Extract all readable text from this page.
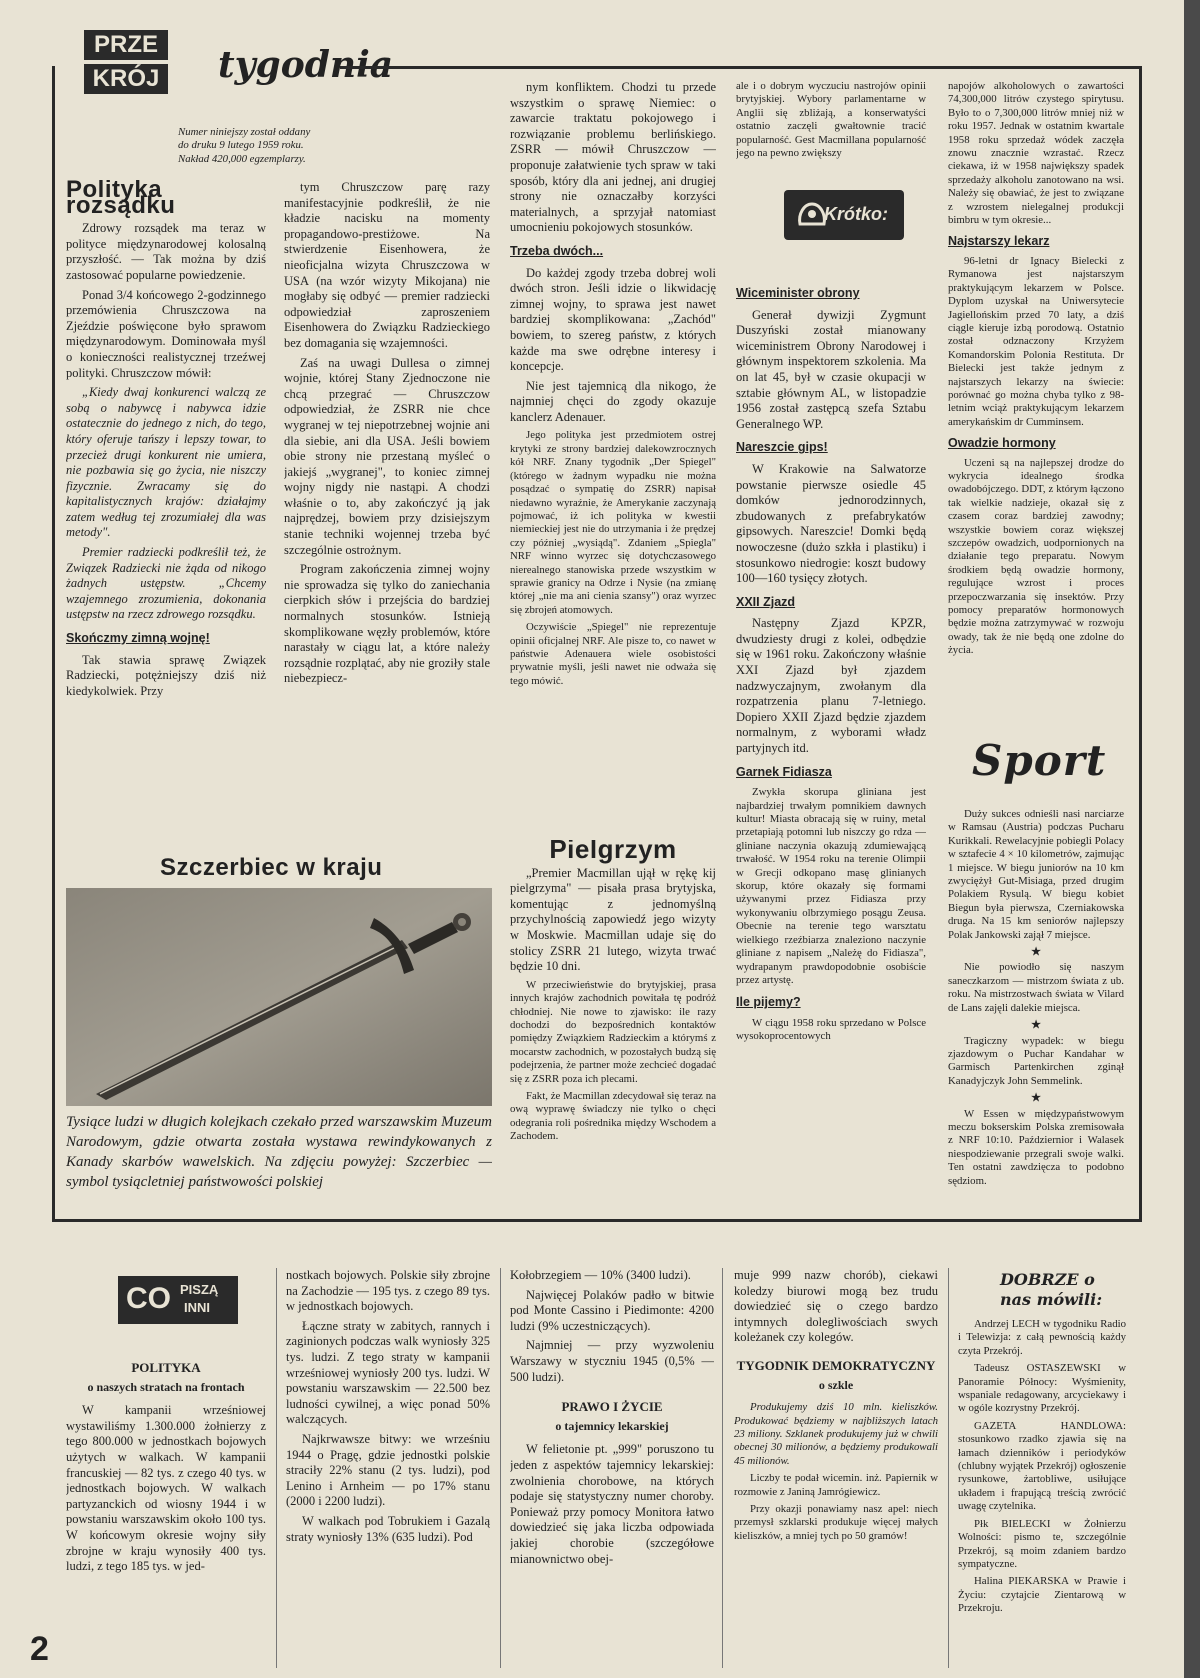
PRZE
KRÓJ tygodnia
Numer niniejszy został oddany
do druku 9 lutego 1959 roku.
Nakład 420,000 egzemplarzy.
Polityka rozsądku

Zdrowy rozsądek ma teraz w polityce międzynarodowej kolosalną przyszłość. — Tak można by dziś zastosować popularne powiedzenie.

Ponad 3/4 końcowego 2-godzinnego przemówienia Chruszczowa na Zjeździe poświęcone było sprawom międzynarodowym. Dominowała myśl o konieczności realistycznej trzeźwej polityki. Chruszczow mówił:

„Kiedy dwaj konkurenci walczą ze sobą o nabywcę i nabywca idzie ostatecznie do jednego z nich, do tego, który oferuje tańszy i lepszy towar, to przecież drugi konkurent nie umiera, nie pozbawia się go życia, nie niszczy fizycznie. Zwracamy się do kapitalistycznych krajów: działajmy zatem według tej zrozumiałej dla was metody".

Premier radziecki podkreślił też, że Związek Radziecki nie żąda od nikogo żadnych ustępstw. „Chcemy wzajemnego zrozumienia, dokonania ustępstw na rzecz zdrowego rozsądku.

Skończmy zimną wojnę!

Tak stawia sprawę Związek Radziecki, potężniejszy dziś niż kiedykolwiek. Przy

tym Chruszczow parę razy manifestacyjnie podkreślił, że nie kładzie nacisku na momenty propagandowo-prestiżowe. Na stwierdzenie Eisenhowera, że nieoficjalna wizyta Chruszczowa w USA (na wzór wizyty Mikojana) nie mogłaby się odbyć — premier radziecki odpowiedział zaproszeniem Eisenhowera do Związku Radzieckiego bez domagania się wzajemności.

Zaś na uwagi Dullesa o zimnej wojnie, której Stany Zjednoczone nie chcą przegrać — Chruszczow odpowiedział, że ZSRR nie chce wygranej w tej niepotrzebnej wojnie ani dla siebie, ani dla USA. Jeśli bowiem obie strony nie przestaną myśleć o jakiejś „wygranej", to koniec zimnej wojny nigdy nie nastąpi. A chodzi właśnie o to, aby zakończyć ją jak najprędzej, bowiem przy dzisiejszym stanie techniki wojennej trzeba być szczególnie ostrożnym.

Program zakończenia zimnej wojny nie sprowadza się tylko do zaniechania cierpkich słów i przejścia do bardziej normalnych stosunków. Istnieją skomplikowane węzły problemów, które narastały w ciągu lat, a które należy rozsądnie rozplątać, aby nie groziły stale niebezpiecz-

nym konfliktem. Chodzi tu przede wszystkim o sprawę Niemiec: o zawarcie traktatu pokojowego i rozwiązanie problemu berlińskiego. ZSRR — mówił Chruszczow — proponuje załatwienie tych spraw w taki sposób, który dla ani jednej, ani drugiej strony nie oznaczałby korzyści materialnych, a sprzyjał natomiast umocnieniu pokojowych stosunków.

Trzeba dwóch...

Do każdej zgody trzeba dobrej woli dwóch stron. Jeśli idzie o likwidację zimnej wojny, to sprawa jest nawet bardziej skomplikowana: „Zachód" bowiem, to szereg państw, z których każde ma swe odrębne interesy i koncepcje.

Nie jest tajemnicą dla nikogo, że najmniej chęci do zgody okazuje kanclerz Adenauer.

Jego polityka jest przedmiotem ostrej krytyki ze strony bardziej dalekowzrocznych kół NRF. Znany tygodnik „Der Spiegel" (którego w żadnym wypadku nie można posądzać o sympatię do ZSRR) napisał niedawno wyraźnie, że Amerykanie zaczynają pojmować, iż ich polityka w kwestii niemieckiej jest nie do utrzymania i że prędzej czy później „wysiądą". Zdaniem „Spiegla" NRF winno wyrzec się dotychczasowego nierealnego stanowiska przede wszystkim w sprawie granicy na Odrze i Nysie (na zmianę której „nie ma ani cienia szansy") oraz wyrzec się zbrojeń atomowych.

Oczywiście „Spiegel" nie reprezentuje opinii oficjalnej NRF. Ale pisze to, co nawet w państwie Adenauera wiele osobistości prywatnie myśli, jeśli nawet nie odważa się tego mówić.

Szczerbiec w kraju
Tysiące ludzi w długich kolejkach czekało przed warszawskim Muzeum Narodowym, gdzie otwarta została wystawa rewindykowanych z Kanady skarbów wawelskich. Na zdjęciu powyżej: Szczerbiec — symbol tysiącletniej państwowości polskiej
Pielgrzym

„Premier Macmillan ujął w rękę kij pielgrzyma" — pisała prasa brytyjska, komentując z jednomyślną przychylnością zapowiedź jego wizyty w Moskwie. Macmillan udaje się do stolicy ZSRR 21 lutego, wizyta trwać będzie 10 dni.

W przeciwieństwie do brytyjskiej, prasa innych krajów zachodnich powitała tę podróż chłodniej. Nie nowe to zjawisko: ile razy dochodzi do bezpośrednich kontaktów pomiędzy Związkiem Radzieckim a którymś z mocarstw zachodnich, w pozostałych budzą się podejrzenia, że partner może zechcieć dogadać się z ZSRR poza ich plecami.

Fakt, że Macmillan zdecydował się teraz na ową wyprawę świadczy nie tylko o chęci odegrania roli pośrednika między Wschodem a Zachodem.

ale i o dobrym wyczuciu nastrojów opinii brytyjskiej. Wybory parlamentarne w Anglii się zbliżają, a konserwatyści ostatnio zaczęli gwałtownie tracić popularność. Gest Macmillana popularność jego na pewno zwiększy

Krótko:
Wiceminister obrony

Generał dywizji Zygmunt Duszyński został mianowany wiceministrem Obrony Narodowej i głównym inspektorem szkolenia. Ma on lat 45, był w czasie okupacji w sztabie głównym AL, w listopadzie 1956 został zastępcą szefa Sztabu Generalnego WP.

Nareszcie gips!

W Krakowie na Salwatorze powstanie pierwsze osiedle 45 domków jednorodzinnych, zbudowanych z prefabrykatów gipsowych. Nareszcie! Domki będą nowoczesne (dużo szkła i plastiku) i stosunkowo niedrogie: koszt budowy 100—160 tysięcy złotych.

XXII Zjazd

Następny Zjazd KPZR, dwudziesty drugi z kolei, odbędzie się w 1961 roku. Zakończony właśnie XXI Zjazd był zjazdem nadzwyczajnym, zwołanym dla rozpatrzenia planu 7-letniego. Dopiero XXII Zjazd będzie zjazdem normalnym, z wyborami władz partyjnych itd.

Garnek Fidiasza

Zwykła skorupa gliniana jest najbardziej trwałym pomnikiem dawnych kultur! Miasta obracają się w ruiny, metal przetapiają potomni lub niszczy go rdza — gliniane naczynia okazują zdumiewającą trwałość. W 1954 roku na terenie Olimpii w Grecji odkopano masę glinianych skorup, które okazały się formami używanymi przez Fidiasza przy wykonywaniu olbrzymiego posągu Zeusa. Obecnie na terenie tego warsztatu wielkiego rzeźbiarza znaleziono naczynie gliniane z napisem „Należę do Fidiasza", wydrapanym prawdopodobnie osobiście przez artystę.

Ile pijemy?

W ciągu 1958 roku sprzedano w Polsce wysokoprocentowych

napojów alkoholowych o zawartości 74,300,000 litrów czystego spirytusu. Było to o 7,300,000 litrów mniej niż w roku 1957. Jednak w ostatnim kwartale 1958 roku sprzedaż wódek zaczęła znowu znacznie wzrastać. Rzecz ciekawa, iż w 1958 największy spadek sprzedaży alkoholu zanotowano na wsi. Należy się obawiać, że jest to związane z wzrostem nielegalnej produkcji bimbru w tym okresie...

Najstarszy lekarz

96-letni dr Ignacy Bielecki z Rymanowa jest najstarszym praktykującym lekarzem w Polsce. Dyplom uzyskał na Uniwersytecie Jagiellońskim przed 70 laty, a dziś ciągle kieruje izbą porodową. Ostatnio został odznaczony Krzyżem Komandorskim Polonia Restituta. Dr Bielecki jest także jednym z najstarszych lekarzy na świecie: porównać go można chyba tylko z 98-letnim wciąż praktykującym lekarzem amerykańskim dr Cumminsem.

Owadzie hormony

Uczeni są na najlepszej drodze do wykrycia idealnego środka owadobójczego. DDT, z którym łączono tak wielkie nadzieje, okazał się z czasem coraz bardziej zawodny; wszystkie bowiem coraz większej szczepów owadzich, uodpornionych na działanie tego preparatu. Nowym środkiem będą owadzie hormony, regulujące wzrost i proces przepoczwarzania się insektów. Przy pomocy preparatów hormonowych będzie można zatrzymywać w rozwoju owady, tak że nie będą one zdolne do życia.

Sport

Duży sukces odnieśli nasi narciarze w Ramsau (Austria) podczas Pucharu Kurikkali. Rewelacyjnie pobiegli Polacy w sztafecie 4 × 10 kilometrów, zajmując 1 miejsce. W biegu juniorów na 10 km zwyciężył Gut-Misiaga, przed drugim Polakiem Rysulą. W biegu kobiet Biegun była pierwsza, Czerniakowska druga. Na 15 km seniorów najlepszy Polak Jankowski zajął 7 miejsce.

★

Nie powiodło się naszym saneczkarzom — mistrzom świata z ub. roku. Na mistrzostwach świata w Vilard de Lans zajęli dalekie miejsca.

★

Tragiczny wypadek: w biegu zjazdowym o Puchar Kandahar w Garmisch Partenkirchen zginął Kanadyjczyk John Semmelink.

★

W Essen w międzypaństwowym meczu bokserskim Polska zremisowała z NRF 10:10. Październior i Walasek niespodziewanie przegrali swoje walki. Ten ostatni zawdzięcza to podobno sędziom.

CO PISZĄ
INNI
POLITYKA
o naszych stratach na frontach

W kampanii wrześniowej wystawiliśmy 1.300.000 żołnierzy z tego 800.000 w jednostkach bojowych użytych w walkach. W kampanii francuskiej — 82 tys. z czego 40 tys. w jednostkach bojowych. W walkach partyzanckich od wiosny 1944 i w powstaniu warszawskim około 100 tys. W końcowym okresie wojny siły zbrojne w kraju wynosiły 400 tys. ludzi, z tego 185 tys. w jed-

nostkach bojowych. Polskie siły zbrojne na Zachodzie — 195 tys. z czego 89 tys. w jednostkach bojowych.

Łączne straty w zabitych, rannych i zaginionych podczas walk wyniosły 325 tys. ludzi. Z tego straty w kampanii wrześniowej wyniosły 200 tys. ludzi. W powstaniu warszawskim — 22.500 bez ludności cywilnej, a więc ponad 50% walczących.

Najkrwawsze bitwy: we wrześniu 1944 o Pragę, gdzie jednostki polskie straciły 22% stanu (2 tys. ludzi), pod Lenino i Arnheim — po 17% stanu (2000 i 2200 ludzi).

W walkach pod Tobrukiem i Gazalą straty wyniosły 13% (635 ludzi). Pod

Kołobrzegiem — 10% (3400 ludzi).

Najwięcej Polaków padło w bitwie pod Monte Cassino i Piedimonte: 4200 ludzi (9% uczestniczących).

Najmniej — przy wyzwoleniu Warszawy w styczniu 1945 (0,5% — 500 ludzi).

PRAWO I ŻYCIE
o tajemnicy lekarskiej

W felietonie pt. „999" poruszono tu jeden z aspektów tajemnicy lekarskiej: zwolnienia chorobowe, na których podaje się statystyczny numer choroby. Ponieważ przy pomocy Monitora łatwo dowiedzieć się jaka liczba odpowiada jakiej chorobie (szczegółowe mianownictwo obej-

muje 999 nazw chorób), ciekawi koledzy biurowi mogą bez trudu dowiedzieć się o czego bardzo intymnych dolegliwościach swych koleżanek czy kolegów.

TYGODNIK DEMOKRATYCZNY
o szkle

Produkujemy dziś 10 mln. kieliszków. Produkować będziemy w najbliższych latach 23 miliony. Szklanek produkujemy już w chwili obecnej 30 milionów, a będziemy produkowali 45 milionów.

Liczby te podał wicemin. inż. Papiernik w rozmowie z Janiną Jamrógiewicz.

Przy okazji ponawiamy nasz apel: niech przemysł szklarski produkuje więcej małych kieliszków, a mniej tych po 50 gramów!

DOBRZE o nas mówili:

Andrzej LECH w tygodniku Radio i Telewizja: z całą pewnością każdy czyta Przekrój.

Tadeusz OSTASZEWSKI w Panoramie Północy: Wyśmienity, wspaniale redagowany, arcyciekawy i w ogóle kozrystny Przekrój.

GAZETA HANDLOWA: stosunkowo rzadko zjawia się na łamach dzienników i periodyków (chlubny wyjątek Przekrój) ogłoszenie rysunkowe, żartobliwe, usiłujące układem i frapującą treścią zwrócić uwagę czytelnika.

Płk BIELECKI w Żołnierzu Wolności: pismo te, szczególnie Przekrój, są moim zdaniem bardzo sympatyczne.

Halina PIEKARSKA w Prawie i Życiu: czytajcie Zientarową w Przekroju.

2
